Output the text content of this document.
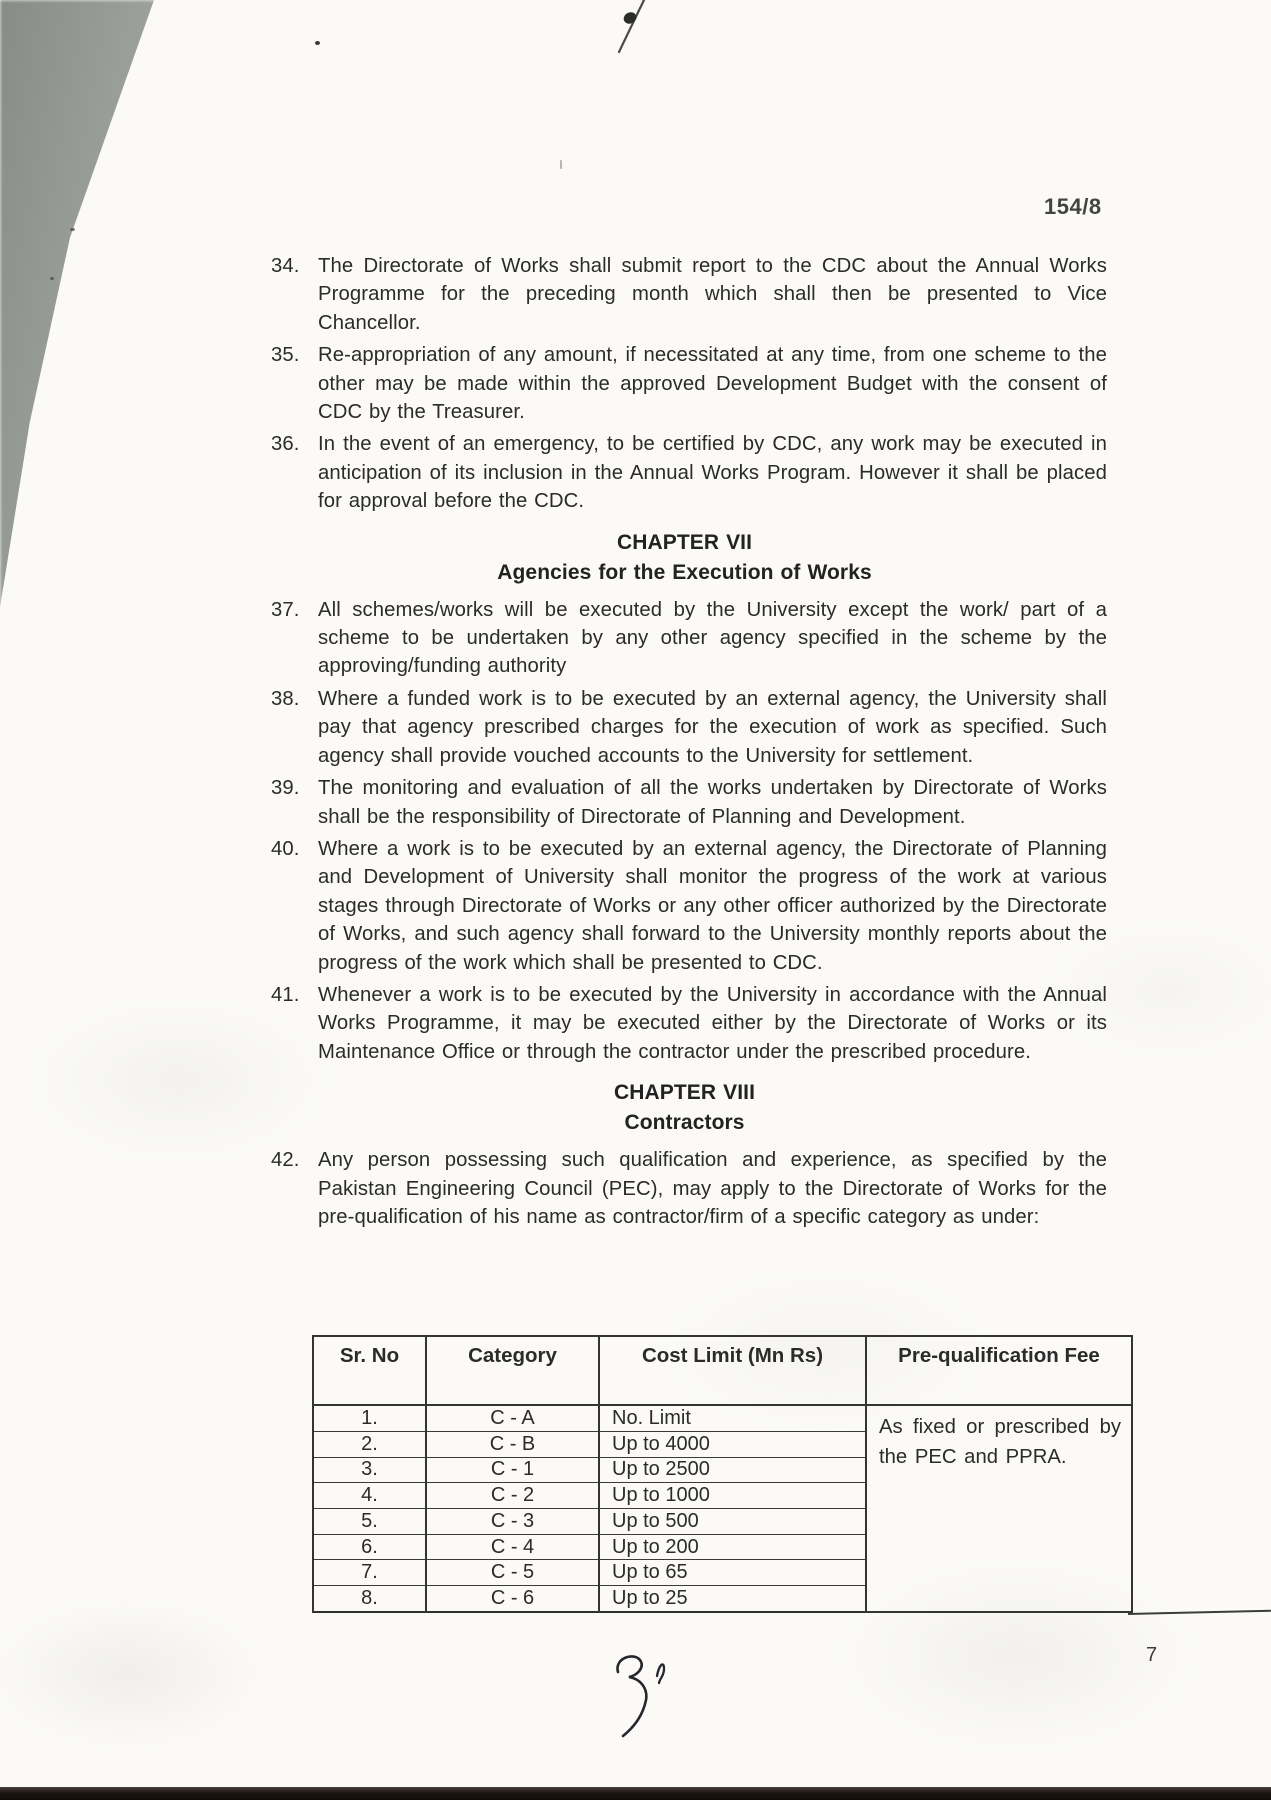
154/8
34. The Directorate of Works shall submit report to the CDC about the Annual Works Programme for the preceding month which shall then be presented to Vice Chancellor.

35. Re-appropriation of any amount, if necessitated at any time, from one scheme to the other may be made within the approved Development Budget with the consent of CDC by the Treasurer.

36. In the event of an emergency, to be certified by CDC, any work may be executed in anticipation of its inclusion in the Annual Works Program. However it shall be placed for approval before the CDC.

CHAPTER VII
Agencies for the Execution of Works
37. All schemes/works will be executed by the University except the work/ part of a scheme to be undertaken by any other agency specified in the scheme by the approving/funding authority

38. Where a funded work is to be executed by an external agency, the University shall pay that agency prescribed charges for the execution of work as specified. Such agency shall provide vouched accounts to the University for settlement.

39. The monitoring and evaluation of all the works undertaken by Directorate of Works shall be the responsibility of Directorate of Planning and Development.

40. Where a work is to be executed by an external agency, the Directorate of Planning and Development of University shall monitor the progress of the work at various stages through Directorate of Works or any other officer authorized by the Directorate of Works, and such agency shall forward to the University monthly reports about the progress of the work which shall be presented to CDC.

41. Whenever a work is to be executed by the University in accordance with the Annual Works Programme, it may be executed either by the Directorate of Works or its Maintenance Office or through the contractor under the prescribed procedure.

CHAPTER VIII
Contractors
42. Any person possessing such qualification and experience, as specified by the Pakistan Engineering Council (PEC), may apply to the Directorate of Works for the pre-qualification of his name as contractor/firm of a specific category as under:

Sr. No	Category	Cost Limit (Mn Rs)	Pre-qualification Fee
1.	C - A	No. Limit	As fixed or prescribed by the PEC and PPRA.
2.	C - B	Up to 4000	
3.	C - 1	Up to 2500	
4.	C - 2	Up to 1000	
5.	C - 3	Up to 500	
6.	C - 4	Up to 200	
7.	C - 5	Up to 65	
8.	C - 6	Up to 25	
7
